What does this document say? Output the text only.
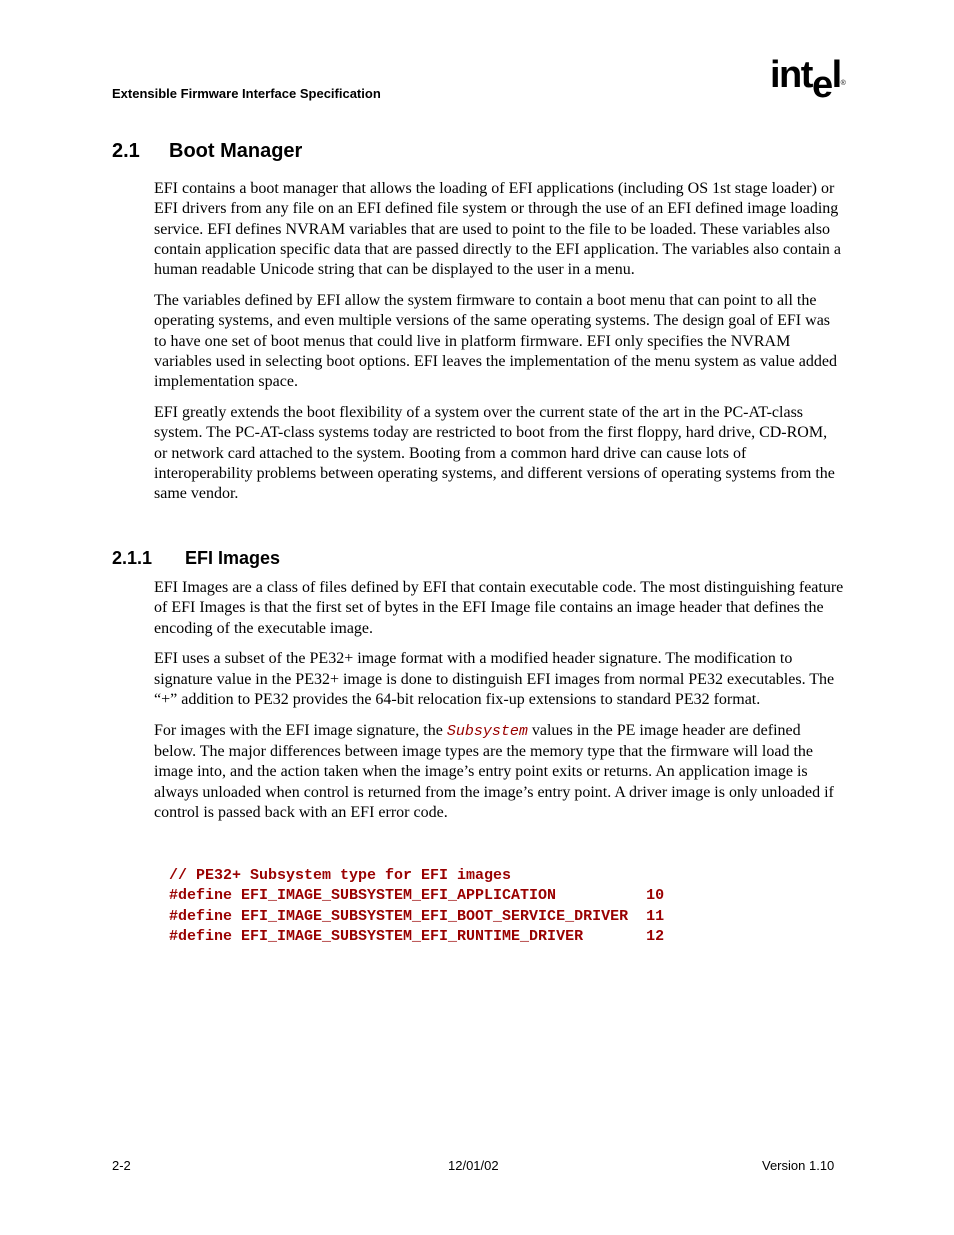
Extensible Firmware Interface Specification	intel®
2.1 Boot Manager

EFI contains a boot manager that allows the loading of EFI applications (including OS 1st stage loader) or EFI drivers from any file on an EFI defined file system or through the use of an EFI defined image loading service. EFI defines NVRAM variables that are used to point to the file to be loaded. These variables also contain application specific data that are passed directly to the EFI application. The variables also contain a human readable Unicode string that can be displayed to the user in a menu.

The variables defined by EFI allow the system firmware to contain a boot menu that can point to all the operating systems, and even multiple versions of the same operating systems. The design goal of EFI was to have one set of boot menus that could live in platform firmware. EFI only specifies the NVRAM variables used in selecting boot options. EFI leaves the implementation of the menu system as value added implementation space.

EFI greatly extends the boot flexibility of a system over the current state of the art in the PC-AT-class system. The PC-AT-class systems today are restricted to boot from the first floppy, hard drive, CD-ROM, or network card attached to the system. Booting from a common hard drive can cause lots of interoperability problems between operating systems, and different versions of operating systems from the same vendor.

2.1.1 EFI Images

EFI Images are a class of files defined by EFI that contain executable code. The most distinguishing feature of EFI Images is that the first set of bytes in the EFI Image file contains an image header that defines the encoding of the executable image.

EFI uses a subset of the PE32+ image format with a modified header signature. The modification to signature value in the PE32+ image is done to distinguish EFI images from normal PE32 executables. The “+” addition to PE32 provides the 64-bit relocation fix-up extensions to standard PE32 format.

For images with the EFI image signature, the Subsystem values in the PE image header are defined below. The major differences between image types are the memory type that the firmware will load the image into, and the action taken when the image’s entry point exits or returns. An application image is always unloaded when control is returned from the image’s entry point. A driver image is only unloaded if control is passed back with an EFI error code.

// PE32+ Subsystem type for EFI images
#define EFI_IMAGE_SUBSYSTEM_EFI_APPLICATION          10
#define EFI_IMAGE_SUBSYSTEM_EFI_BOOT_SERVICE_DRIVER  11
#define EFI_IMAGE_SUBSYSTEM_EFI_RUNTIME_DRIVER       12
2-2	12/01/02	Version 1.10
